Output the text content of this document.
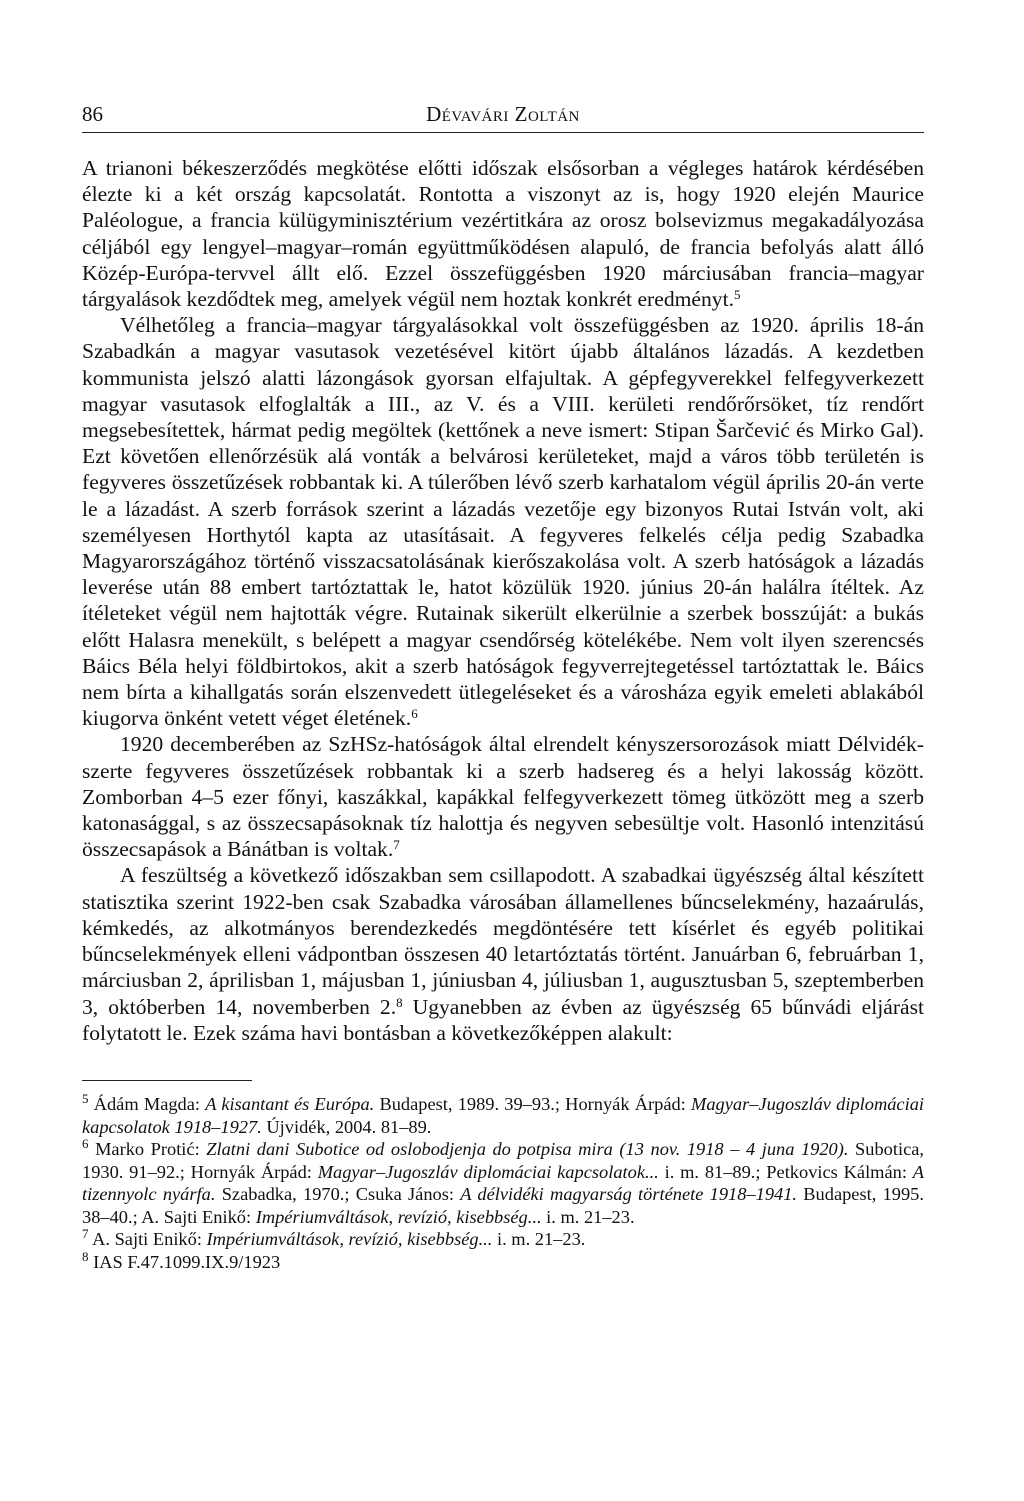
86	Dévavári Zoltán

A trianoni békeszerződés megkötése előtti időszak elsősorban a végleges határok kérdésében élezte ki a két ország kapcsolatát. Rontotta a viszonyt az is, hogy 1920 elején Maurice Paléologue, a francia külügyminisztérium vezértitkára az orosz bolsevizmus megakadályozása céljából egy lengyel–magyar–román együttműködésen alapuló, de francia befolyás alatt álló Közép-Európa-tervvel állt elő. Ezzel összefüggésben 1920 márciusában francia–magyar tárgyalások kezdődtek meg, amelyek végül nem hoztak konkrét eredményt.$^5$

Vélhetőleg a francia–magyar tárgyalásokkal volt összefüggésben az 1920. április 18-án Szabadkán a magyar vasutasok vezetésével kitört újabb általános lázadás. A kezdetben kommunista jelszó alatti lázongások gyorsan elfajultak. A gépfegyverekkel felfegyverkezett magyar vasutasok elfoglalták a III., az V. és a VIII. kerületi rendőrőrsöket, tíz rendőrt megsebesítettek, hármat pedig megöltek (kettőnek a neve ismert: Stipan Šarčević és Mirko Gal). Ezt követően ellenőrzésük alá vonták a belvárosi kerületeket, majd a város több területén is fegyveres összetűzések robbantak ki. A túlerőben lévő szerb karhatalom végül április 20-án verte le a lázadást. A szerb források szerint a lázadás vezetője egy bizonyos Rutai István volt, aki személyesen Horthytól kapta az utasításait. A fegyveres felkelés célja pedig Szabadka Magyarországához történő visszacsatolásának kierőszakolása volt. A szerb hatóságok a lázadás leverése után 88 embert tartóztattak le, hatot közülük 1920. június 20-án halálra ítéltek. Az ítéleteket végül nem hajtották végre. Rutainak sikerült elkerülnie a szerbek bosszúját: a bukás előtt Halasra menekült, s belépett a magyar csendőrség kötelékébe. Nem volt ilyen szerencsés Báics Béla helyi földbirtokos, akit a szerb hatóságok fegyverrejtegetéssel tartóztattak le. Báics nem bírta a kihallgatás során elszenvedett ütlegeléseket és a városháza egyik emeleti ablakából kiugorva önként vetett véget életének.$^6$

1920 decemberében az SzHSz-hatóságok által elrendelt kényszersorozások miatt Délvidék-szerte fegyveres összetűzések robbantak ki a szerb hadsereg és a helyi lakosság között. Zomborban 4–5 ezer főnyi, kaszákkal, kapákkal felfegyverkezett tömeg ütközött meg a szerb katonasággal, s az összecsapásoknak tíz halottja és negyven sebesültje volt. Hasonló intenzitású összecsapások a Bánátban is voltak.$^7$

A feszültség a következő időszakban sem csillapodott. A szabadkai ügyészség által készített statisztika szerint 1922-ben csak Szabadka városában államellenes bűncselekmény, hazaárulás, kémkedés, az alkotmányos berendezkedés megdöntésére tett kísérlet és egyéb politikai bűncselekmények elleni vádpontban összesen 40 letartóztatás történt. Januárban 6, februárban 1, márciusban 2, áprilisban 1, májusban 1, júniusban 4, júliusban 1, augusztusban 5, szeptemberben 3, októberben 14, novemberben 2.$^8$ Ugyanebben az évben az ügyészség 65 bűnvádi eljárást folytatott le. Ezek száma havi bontásban a következőképpen alakult:

$^5$ Ádám Magda: A kisantant és Európa. Budapest, 1989. 39–93.; Hornyák Árpád: Magyar–Jugoszláv diplomáciai kapcsolatok 1918–1927. Újvidék, 2004. 81–89.

$^6$ Marko Protić: Zlatni dani Subotice od oslobodjenja do potpisa mira (13 nov. 1918 – 4 juna 1920). Subotica, 1930. 91–92.; Hornyák Árpád: Magyar–Jugoszláv diplomáciai kapcsolatok... i. m. 81–89.; Petkovics Kálmán: A tizennyolc nyárfa. Szabadka, 1970.; Csuka János: A délvidéki magyarság története 1918–1941. Budapest, 1995. 38–40.; A. Sajti Enikő: Impériumváltások, revízió, kisebbség... i. m. 21–23.

$^7$ A. Sajti Enikő: Impériumváltások, revízió, kisebbség... i. m. 21–23.

$^8$ IAS F.47.1099.IX.9/1923
